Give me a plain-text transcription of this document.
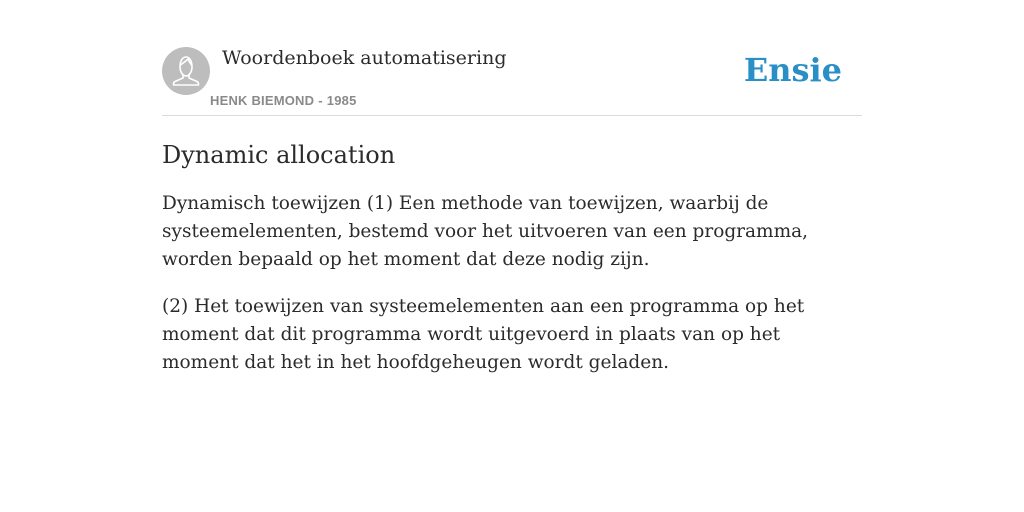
Woordenboek automatisering
HENK BIEMOND - 1985
Ensie
Dynamic allocation

Dynamisch toewijzen (1) Een methode van toewijzen, waarbij de systeemelementen, bestemd voor het uitvoeren van een programma, worden bepaald op het moment dat deze nodig zijn.

(2) Het toewijzen van systeemelementen aan een programma op het moment dat dit programma wordt uitgevoerd in plaats van op het moment dat het in het hoofdgeheugen wordt geladen.
